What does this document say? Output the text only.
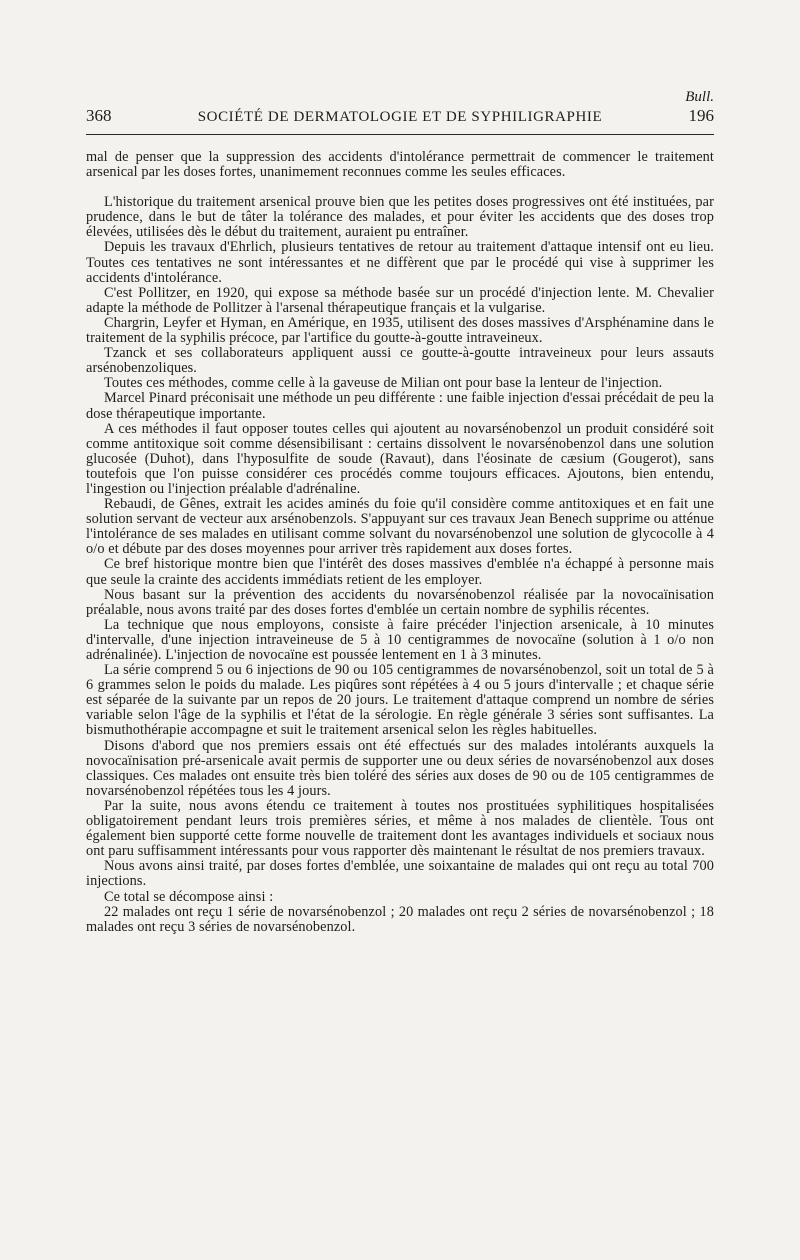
Bull.
368	SOCIÉTÉ DE DERMATOLOGIE ET DE SYPHILIGRAPHIE	196

mal de penser que la suppression des accidents d'intolérance permettrait de commencer le traitement arsenical par les doses fortes, unanimement reconnues comme les seules efficaces.

L'historique du traitement arsenical prouve bien que les petites doses progressives ont été instituées, par prudence, dans le but de tâter la tolérance des malades, et pour éviter les accidents que des doses trop élevées, utilisées dès le début du traitement, auraient pu entraîner.

Depuis les travaux d'Ehrlich, plusieurs tentatives de retour au traitement d'attaque intensif ont eu lieu. Toutes ces tentatives ne sont intéressantes et ne diffèrent que par le procédé qui vise à supprimer les accidents d'intolérance.

C'est Pollitzer, en 1920, qui expose sa méthode basée sur un procédé d'injection lente. M. Chevalier adapte la méthode de Pollitzer à l'arsenal thérapeutique français et la vulgarise.

Chargrin, Leyfer et Hyman, en Amérique, en 1935, utilisent des doses massives d'Arsphénamine dans le traitement de la syphilis précoce, par l'artifice du goutte-à-goutte intraveineux.

Tzanck et ses collaborateurs appliquent aussi ce goutte-à-goutte intraveineux pour leurs assauts arsénobenzoliques.

Toutes ces méthodes, comme celle à la gaveuse de Milian ont pour base la lenteur de l'injection.

Marcel Pinard préconisait une méthode un peu différente : une faible injection d'essai précédait de peu la dose thérapeutique importante.

A ces méthodes il faut opposer toutes celles qui ajoutent au novarsénobenzol un produit considéré soit comme antitoxique soit comme désensibilisant : certains dissolvent le novarsénobenzol dans une solution glucosée (Duhot), dans l'hyposulfite de soude (Ravaut), dans l'éosinate de cæsium (Gougerot), sans toutefois que l'on puisse considérer ces procédés comme toujours efficaces. Ajoutons, bien entendu, l'ingestion ou l'injection préalable d'adrénaline.

Rebaudi, de Gênes, extrait les acides aminés du foie qu'il considère comme antitoxiques et en fait une solution servant de vecteur aux arsénobenzols. S'appuyant sur ces travaux Jean Benech supprime ou atténue l'intolérance de ses malades en utilisant comme solvant du novarsénobenzol une solution de glycocolle à 4 o/o et débute par des doses moyennes pour arriver très rapidement aux doses fortes.

Ce bref historique montre bien que l'intérêt des doses massives d'emblée n'a échappé à personne mais que seule la crainte des accidents immédiats retient de les employer.

Nous basant sur la prévention des accidents du novarsénobenzol réalisée par la novocaïnisation préalable, nous avons traité par des doses fortes d'emblée un certain nombre de syphilis récentes.

La technique que nous employons, consiste à faire précéder l'injection arsenicale, à 10 minutes d'intervalle, d'une injection intraveineuse de 5 à 10 centigrammes de novocaïne (solution à 1 o/o non adrénalinée). L'injection de novocaïne est poussée lentement en 1 à 3 minutes.

La série comprend 5 ou 6 injections de 90 ou 105 centigrammes de novarsénobenzol, soit un total de 5 à 6 grammes selon le poids du malade. Les piqûres sont répétées à 4 ou 5 jours d'intervalle ; et chaque série est séparée de la suivante par un repos de 20 jours. Le traitement d'attaque comprend un nombre de séries variable selon l'âge de la syphilis et l'état de la sérologie. En règle générale 3 séries sont suffisantes. La bismuthothérapie accompagne et suit le traitement arsenical selon les règles habituelles.

Disons d'abord que nos premiers essais ont été effectués sur des malades intolérants auxquels la novocaïnisation pré-arsenicale avait permis de supporter une ou deux séries de novarsénobenzol aux doses classiques. Ces malades ont ensuite très bien toléré des séries aux doses de 90 ou de 105 centigrammes de novarsénobenzol répétées tous les 4 jours.

Par la suite, nous avons étendu ce traitement à toutes nos prostituées syphilitiques hospitalisées obligatoirement pendant leurs trois premières séries, et même à nos malades de clientèle. Tous ont également bien supporté cette forme nouvelle de traitement dont les avantages individuels et sociaux nous ont paru suffisamment intéressants pour vous rapporter dès maintenant le résultat de nos premiers travaux.

Nous avons ainsi traité, par doses fortes d'emblée, une soixantaine de malades qui ont reçu au total 700 injections.

Ce total se décompose ainsi :

22 malades ont reçu 1 série de novarsénobenzol ; 20 malades ont reçu 2 séries de novarsénobenzol ; 18 malades ont reçu 3 séries de novarsénobenzol.
